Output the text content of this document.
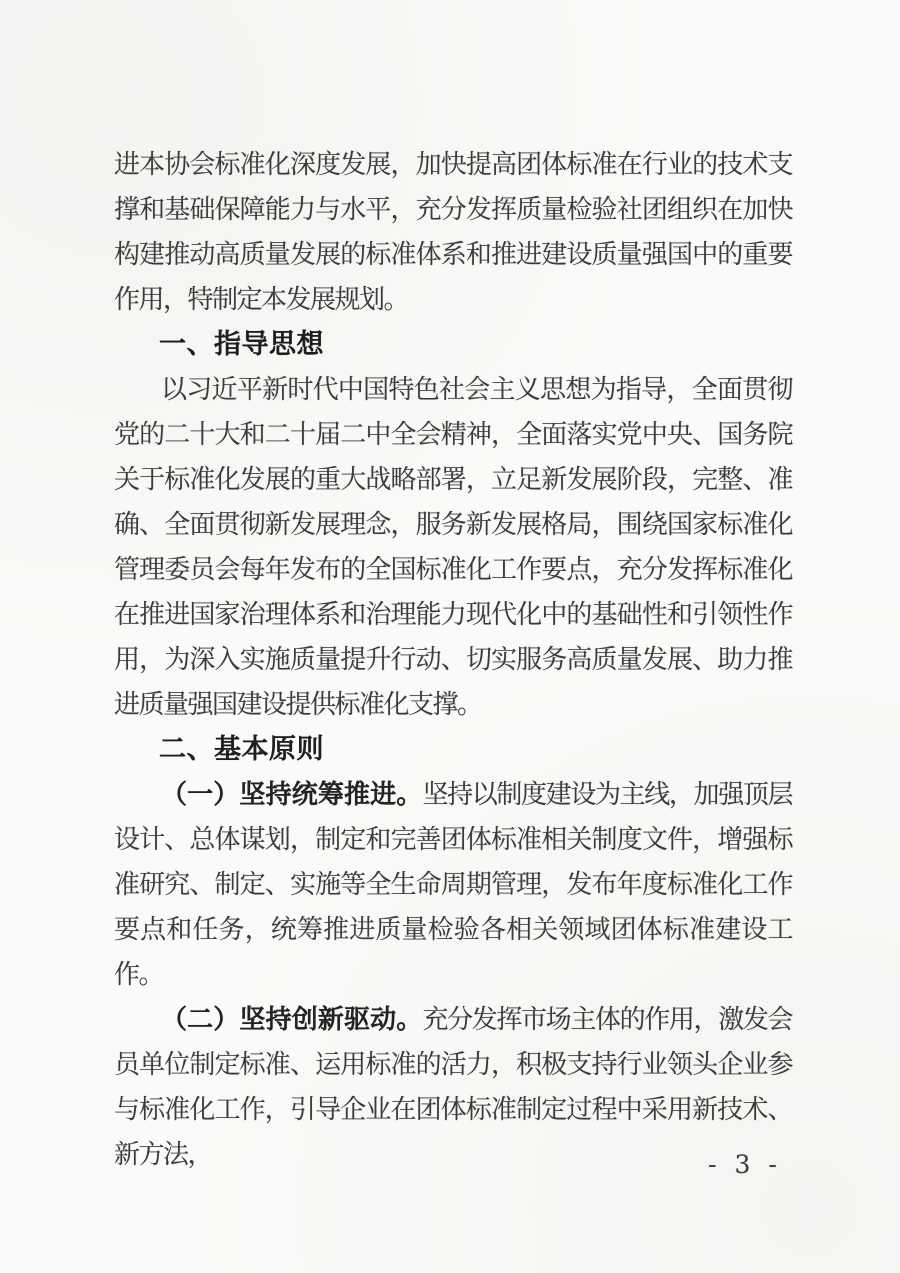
进本协会标准化深度发展，加快提高团体标准在行业的技术支撑和基础保障能力与水平，充分发挥质量检验社团组织在加快构建推动高质量发展的标准体系和推进建设质量强国中的重要作用，特制定本发展规划。

一、指导思想

以习近平新时代中国特色社会主义思想为指导，全面贯彻党的二十大和二十届二中全会精神，全面落实党中央、国务院关于标准化发展的重大战略部署，立足新发展阶段，完整、准确、全面贯彻新发展理念，服务新发展格局，围绕国家标准化管理委员会每年发布的全国标准化工作要点，充分发挥标准化在推进国家治理体系和治理能力现代化中的基础性和引领性作用，为深入实施质量提升行动、切实服务高质量发展、助力推进质量强国建设提供标准化支撑。

二、基本原则

（一）坚持统筹推进。坚持以制度建设为主线，加强顶层设计、总体谋划，制定和完善团体标准相关制度文件，增强标准研究、制定、实施等全生命周期管理，发布年度标准化工作要点和任务，统筹推进质量检验各相关领域团体标准建设工作。

（二）坚持创新驱动。充分发挥市场主体的作用，激发会员单位制定标准、运用标准的活力，积极支持行业领头企业参与标准化工作，引导企业在团体标准制定过程中采用新技术、新方法，	- 3 -
